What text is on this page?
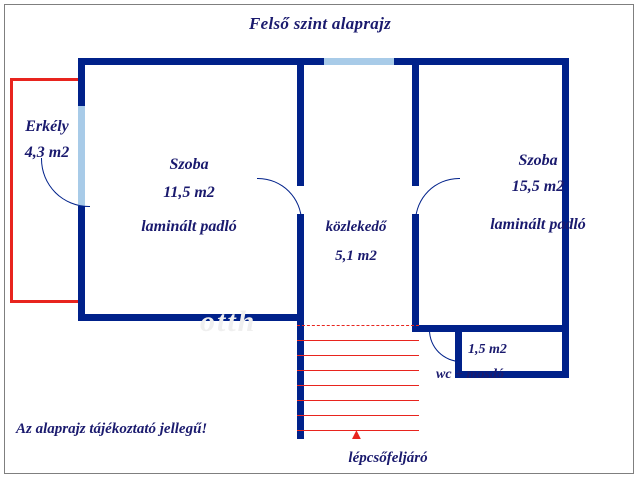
Felső szint alaprajz
▲
otth
Erkély
4,3 m2
Szoba
11,5 m2
laminált padló	közlekedő
5,1 m2
Szoba
15,5 m2
laminált padló
1,5 m2
wc + mosdó
lépcsőfeljáró
Az alaprajz tájékoztató jellegű!
